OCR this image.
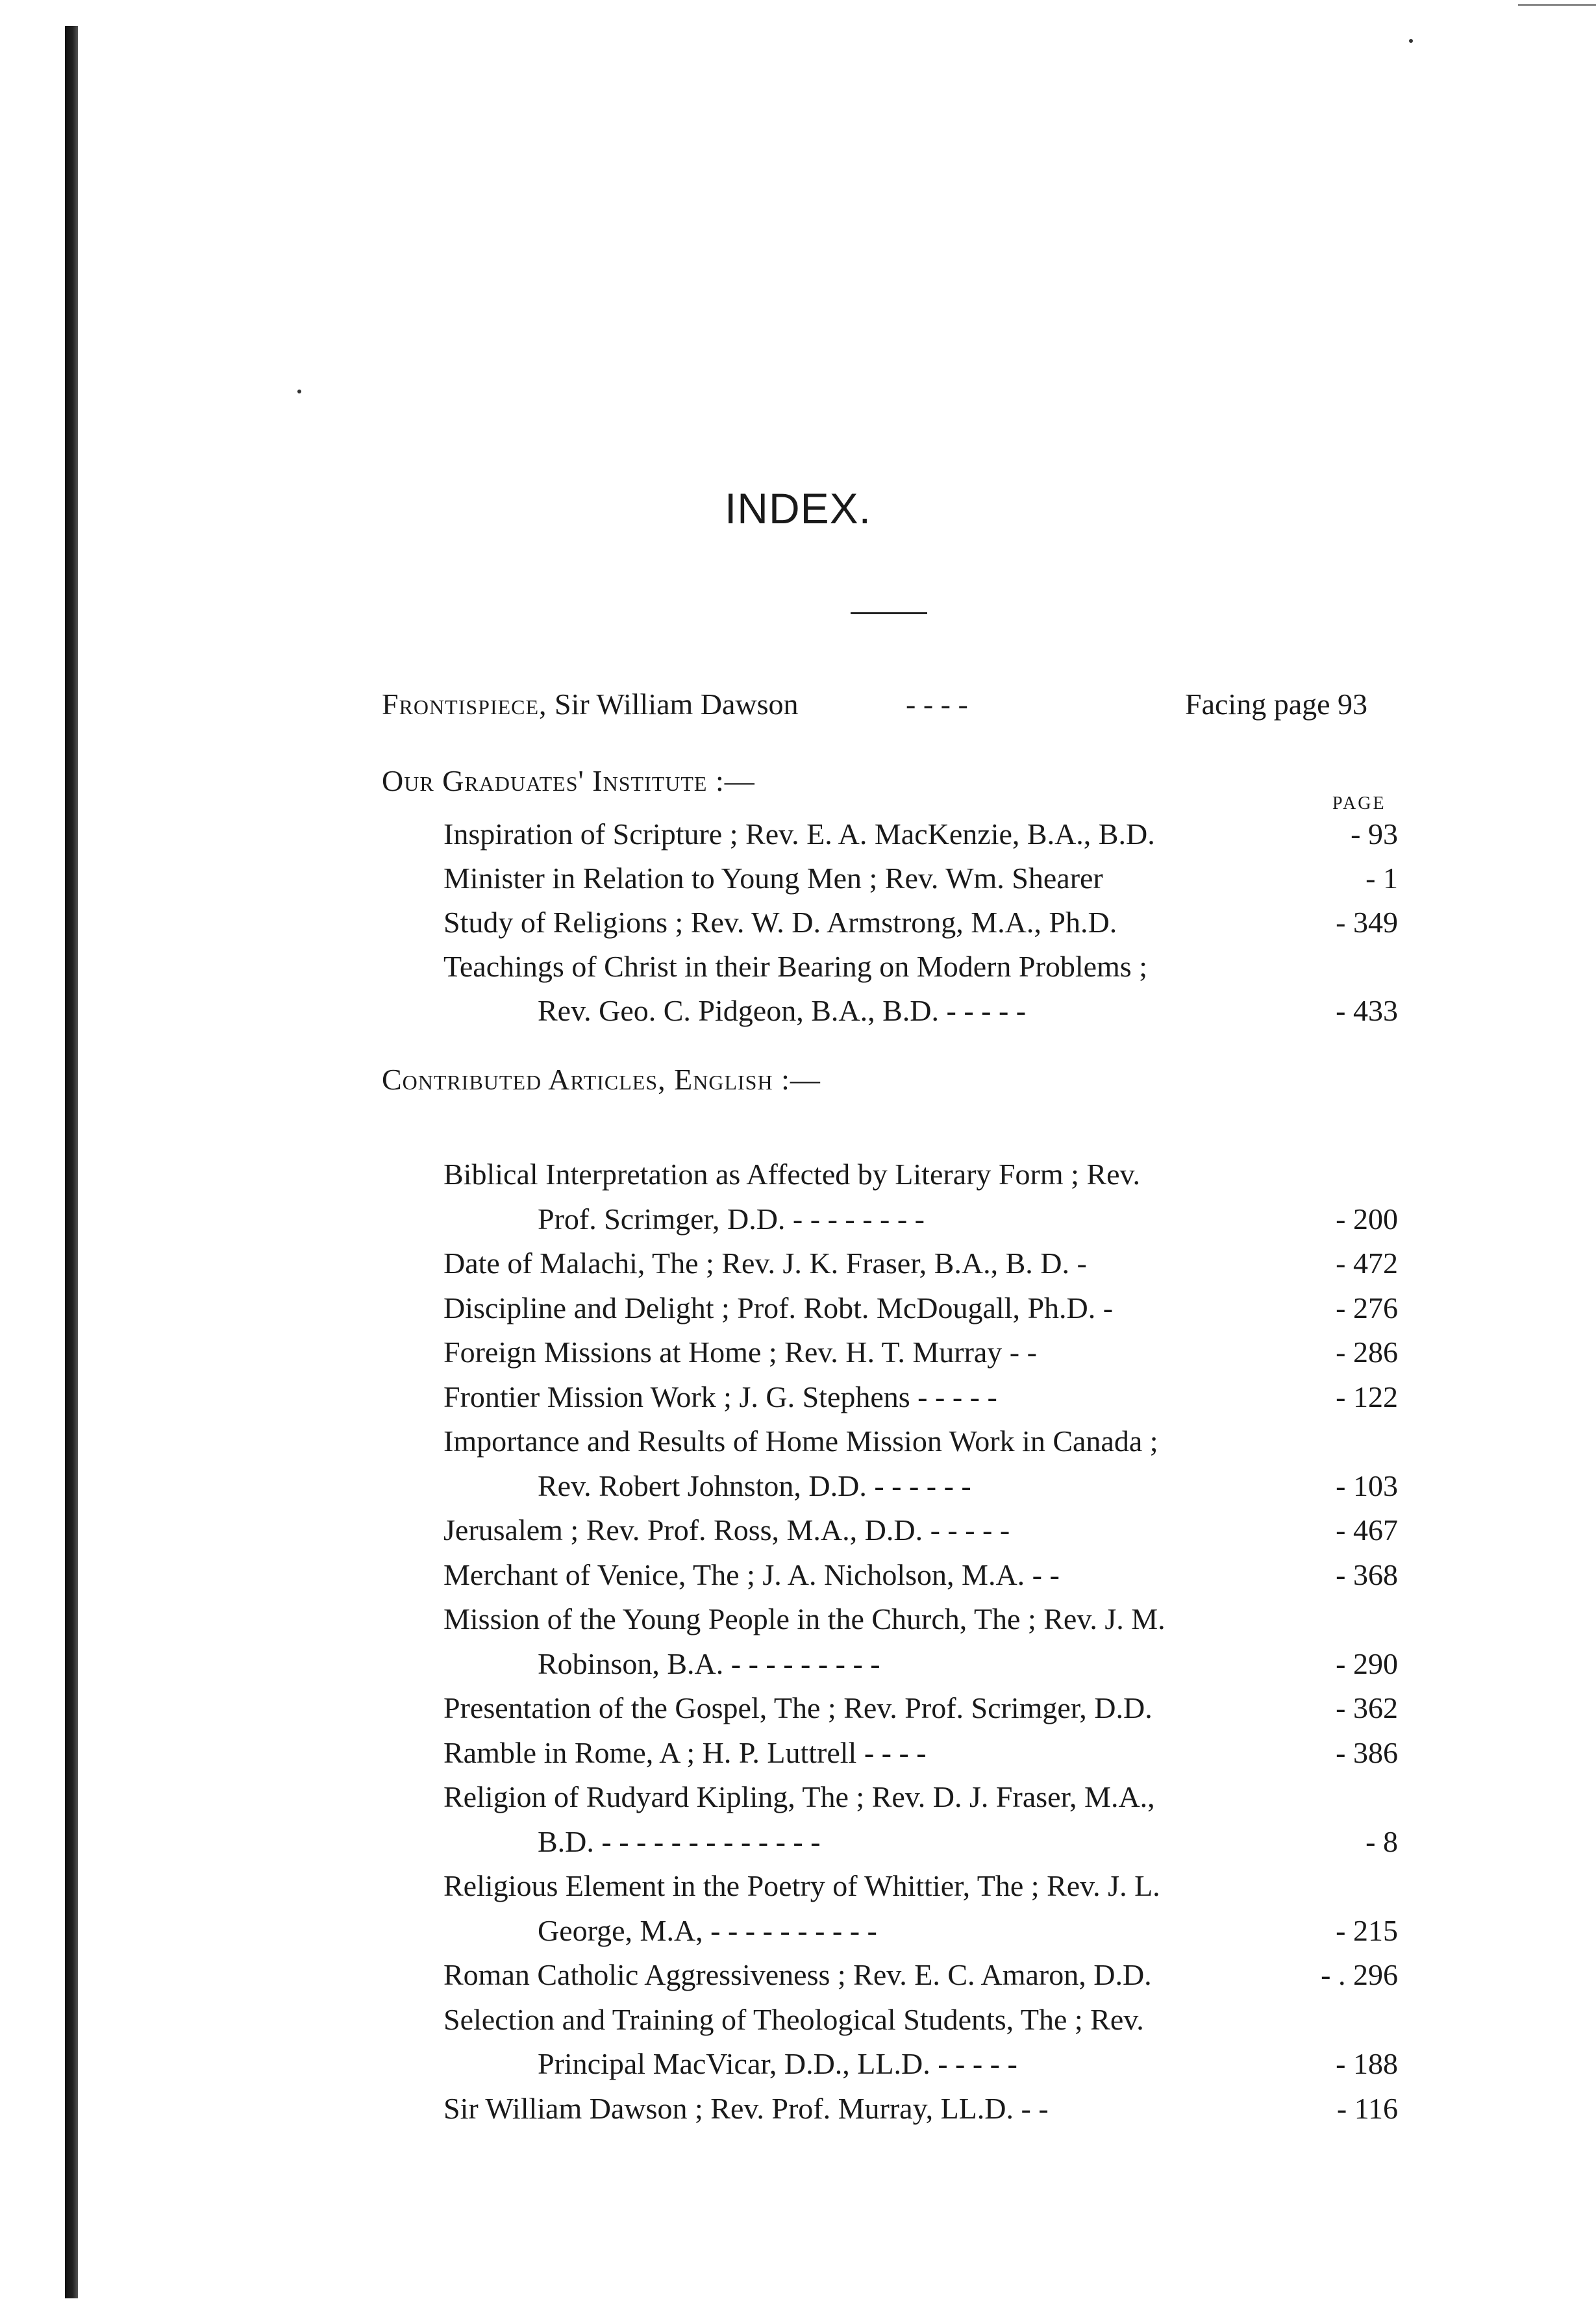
INDEX.
Frontispiece, Sir William Dawson	- - - -	Facing page 93
Our Graduates' Institute :—
PAGE
Inspiration of Scripture ; Rev. E. A. MacKenzie, B.A., B.D.	- 93
Minister in Relation to Young Men ; Rev. Wm. Shearer	- 1
Study of Religions ; Rev. W. D. Armstrong, M.A., Ph.D.	- 349
Teachings of Christ in their Bearing on Modern Problems ;
Rev. Geo. C. Pidgeon, B.A., B.D. - - - - -	- 433
Contributed Articles, English :—
Biblical Interpretation as Affected by Literary Form ; Rev.
Prof. Scrimger, D.D. - - - - - - - -	- 200
Date of Malachi, The ; Rev. J. K. Fraser, B.A., B. D. -	- 472
Discipline and Delight ; Prof. Robt. McDougall, Ph.D. -	- 276
Foreign Missions at Home ; Rev. H. T. Murray - -	- 286
Frontier Mission Work ; J. G. Stephens - - - - -	- 122
Importance and Results of Home Mission Work in Canada ;
Rev. Robert Johnston, D.D. - - - - - -	- 103
Jerusalem ; Rev. Prof. Ross, M.A., D.D. - - - - -	- 467
Merchant of Venice, The ; J. A. Nicholson, M.A. - -	- 368
Mission of the Young People in the Church, The ; Rev. J. M.
Robinson, B.A. - - - - - - - - -	- 290
Presentation of the Gospel, The ; Rev. Prof. Scrimger, D.D.	- 362
Ramble in Rome, A ; H. P. Luttrell - - - -	- 386
Religion of Rudyard Kipling, The ; Rev. D. J. Fraser, M.A.,
B.D. - - - - - - - - - - - - -	- 8
Religious Element in the Poetry of Whittier, The ; Rev. J. L.
George, M.A, - - - - - - - - - -	- 215
Roman Catholic Aggressiveness ; Rev. E. C. Amaron, D.D.	- . 296
Selection and Training of Theological Students, The ; Rev.
Principal MacVicar, D.D., LL.D. - - - - -	- 188
Sir William Dawson ; Rev. Prof. Murray, LL.D. - -	- 116
